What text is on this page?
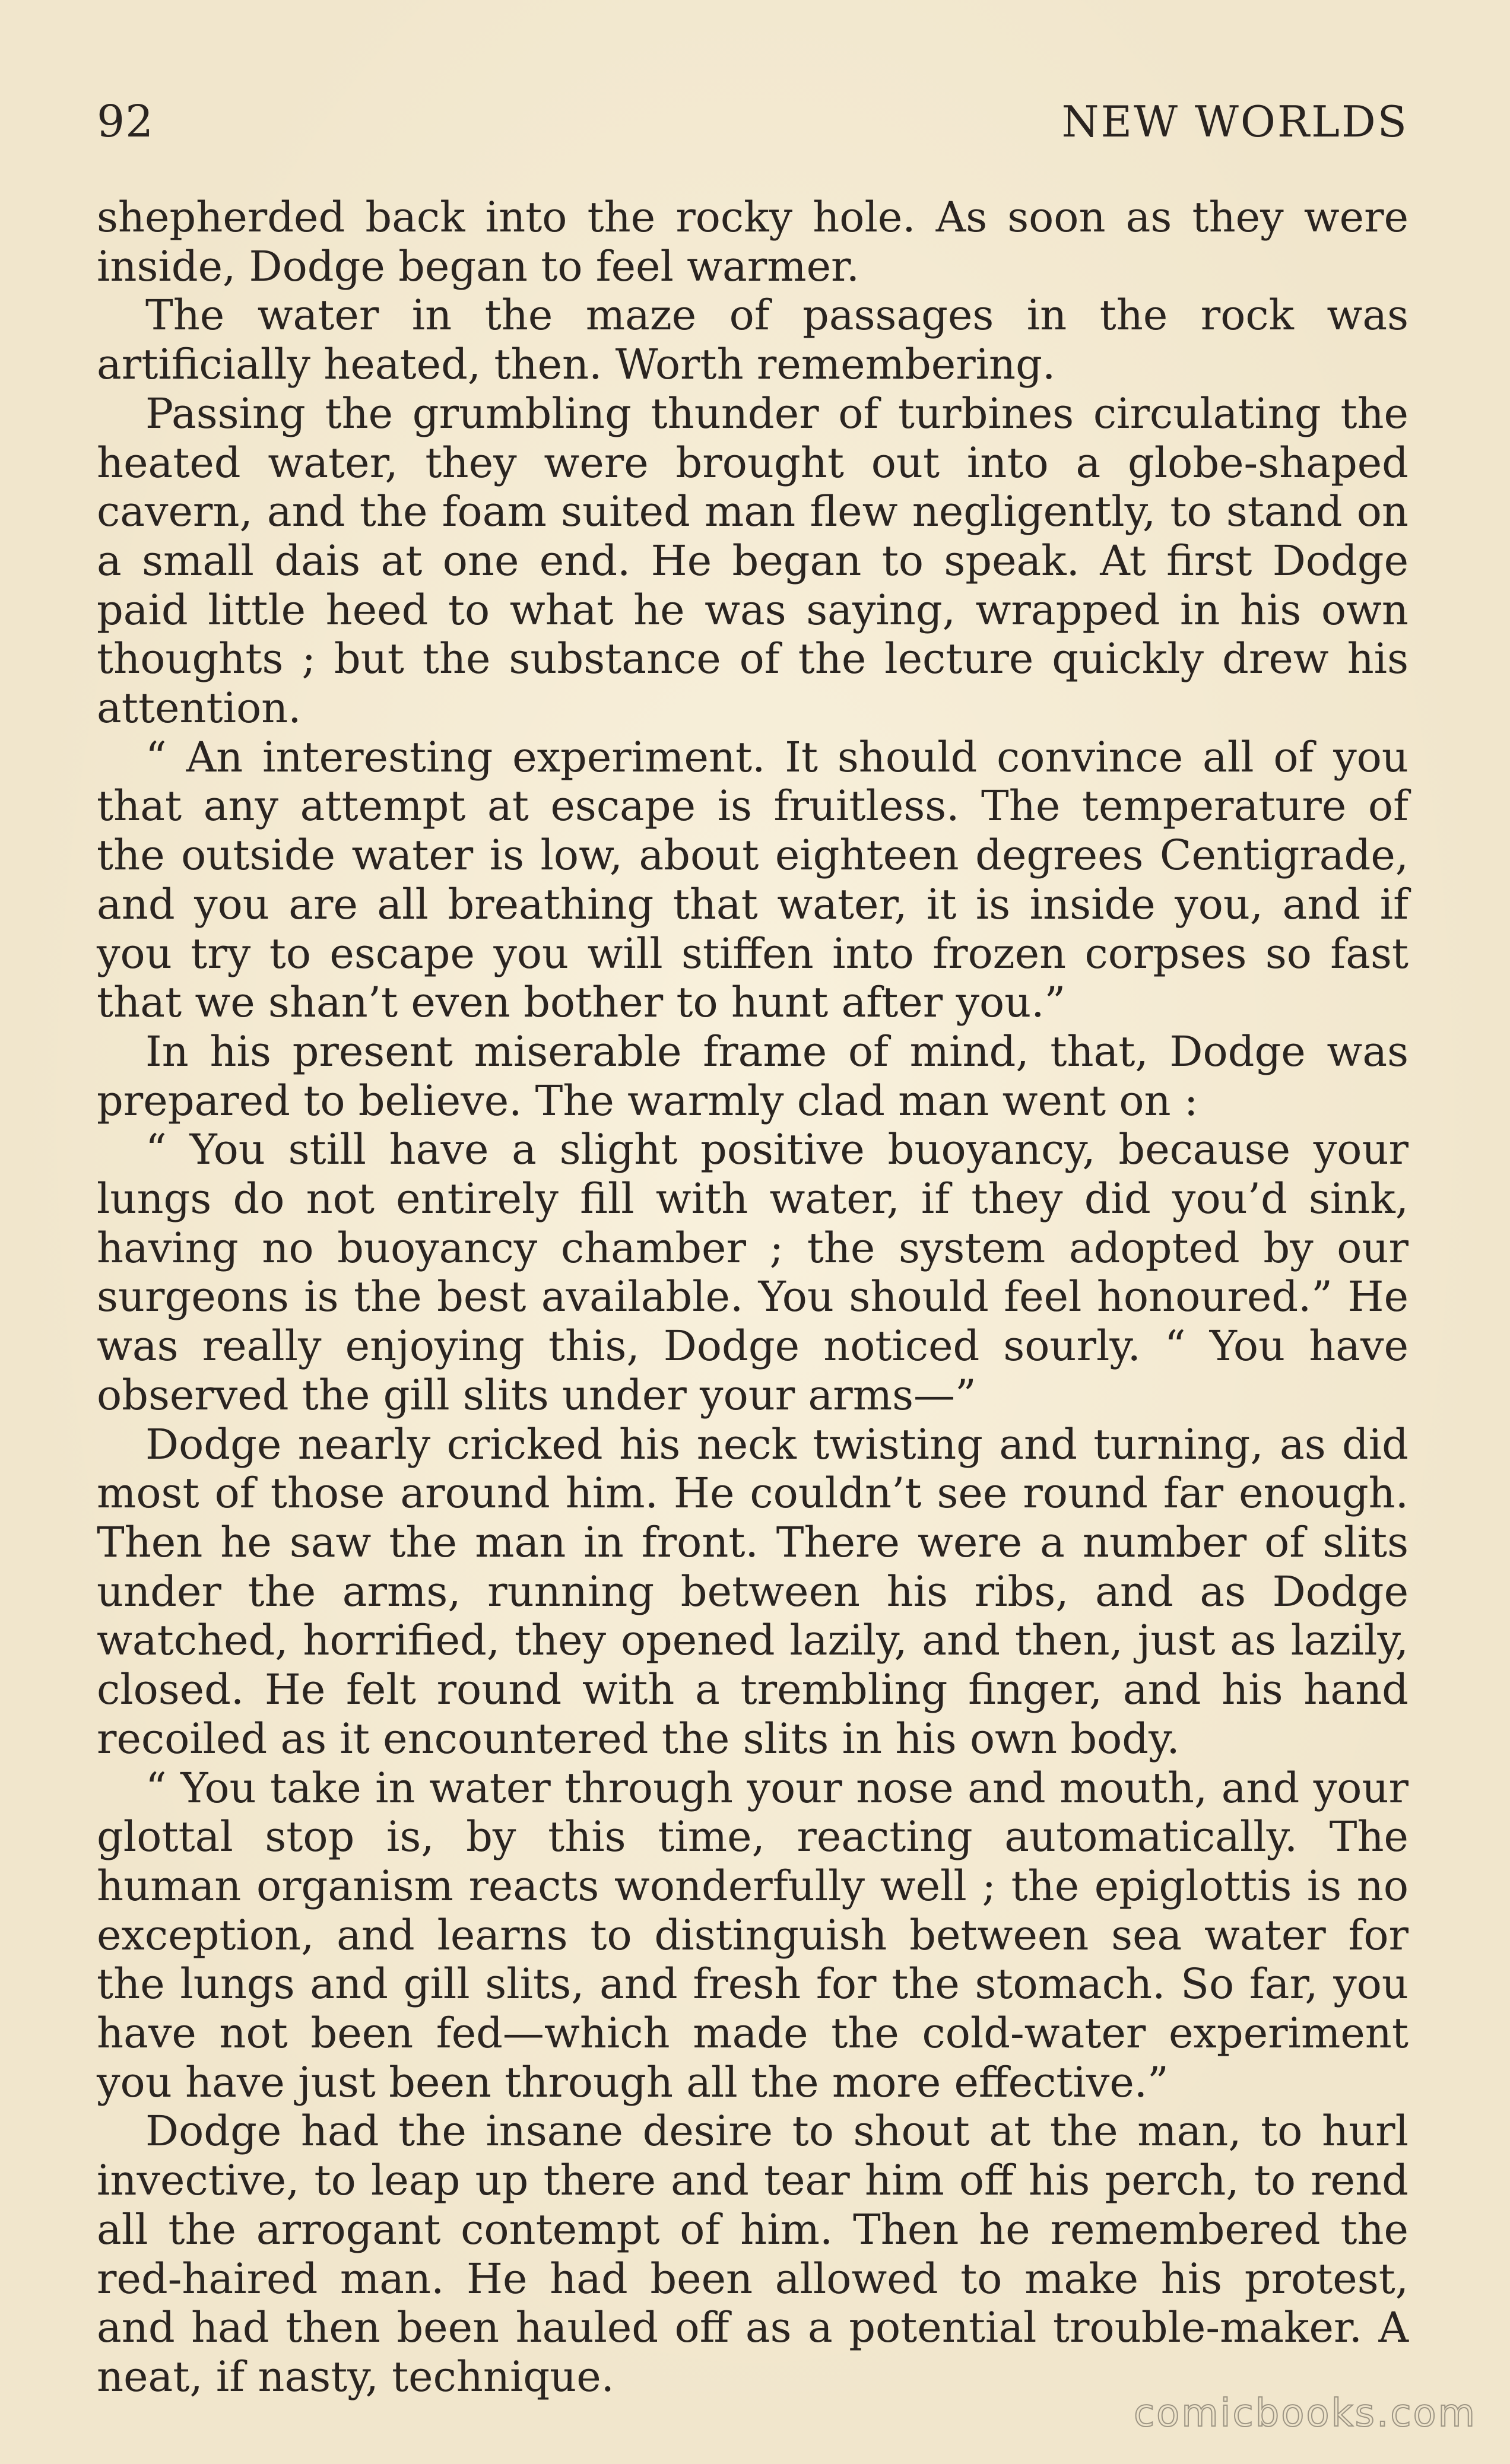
92	NEW WORLDS

shepherded back into the rocky hole. As soon as they were inside, Dodge began to feel warmer.

The water in the maze of passages in the rock was artificially heated, then. Worth remembering.

Passing the grumbling thunder of turbines circulating the heated water, they were brought out into a globe-shaped cavern, and the foam suited man flew negligently, to stand on a small dais at one end. He began to speak. At first Dodge paid little heed to what he was saying, wrapped in his own thoughts ; but the substance of the lecture quickly drew his attention.

“ An interesting experiment. It should convince all of you that any attempt at escape is fruitless. The temperature of the outside water is low, about eighteen degrees Centigrade, and you are all breathing that water, it is inside you, and if you try to escape you will stiffen into frozen corpses so fast that we shan’t even bother to hunt after you.”

In his present miserable frame of mind, that, Dodge was prepared to believe. The warmly clad man went on :

“ You still have a slight positive buoyancy, because your lungs do not entirely fill with water, if they did you’d sink, having no buoyancy chamber ; the system adopted by our surgeons is the best available. You should feel honoured.” He was really enjoying this, Dodge noticed sourly. “ You have observed the gill slits under your arms—”

Dodge nearly cricked his neck twisting and turning, as did most of those around him. He couldn’t see round far enough. Then he saw the man in front. There were a number of slits under the arms, running between his ribs, and as Dodge watched, horrified, they opened lazily, and then, just as lazily, closed. He felt round with a trembling finger, and his hand recoiled as it encountered the slits in his own body.

“ You take in water through your nose and mouth, and your glottal stop is, by this time, reacting automatically. The human organism reacts wonderfully well ; the epiglottis is no exception, and learns to distinguish between sea water for the lungs and gill slits, and fresh for the stomach. So far, you have not been fed—which made the cold-water experiment you have just been through all the more effective.”

Dodge had the insane desire to shout at the man, to hurl invective, to leap up there and tear him off his perch, to rend all the arrogant contempt of him. Then he remembered the red-haired man. He had been allowed to make his protest, and had then been hauled off as a potential trouble-maker. A neat, if nasty, technique.

comicbooks.com
